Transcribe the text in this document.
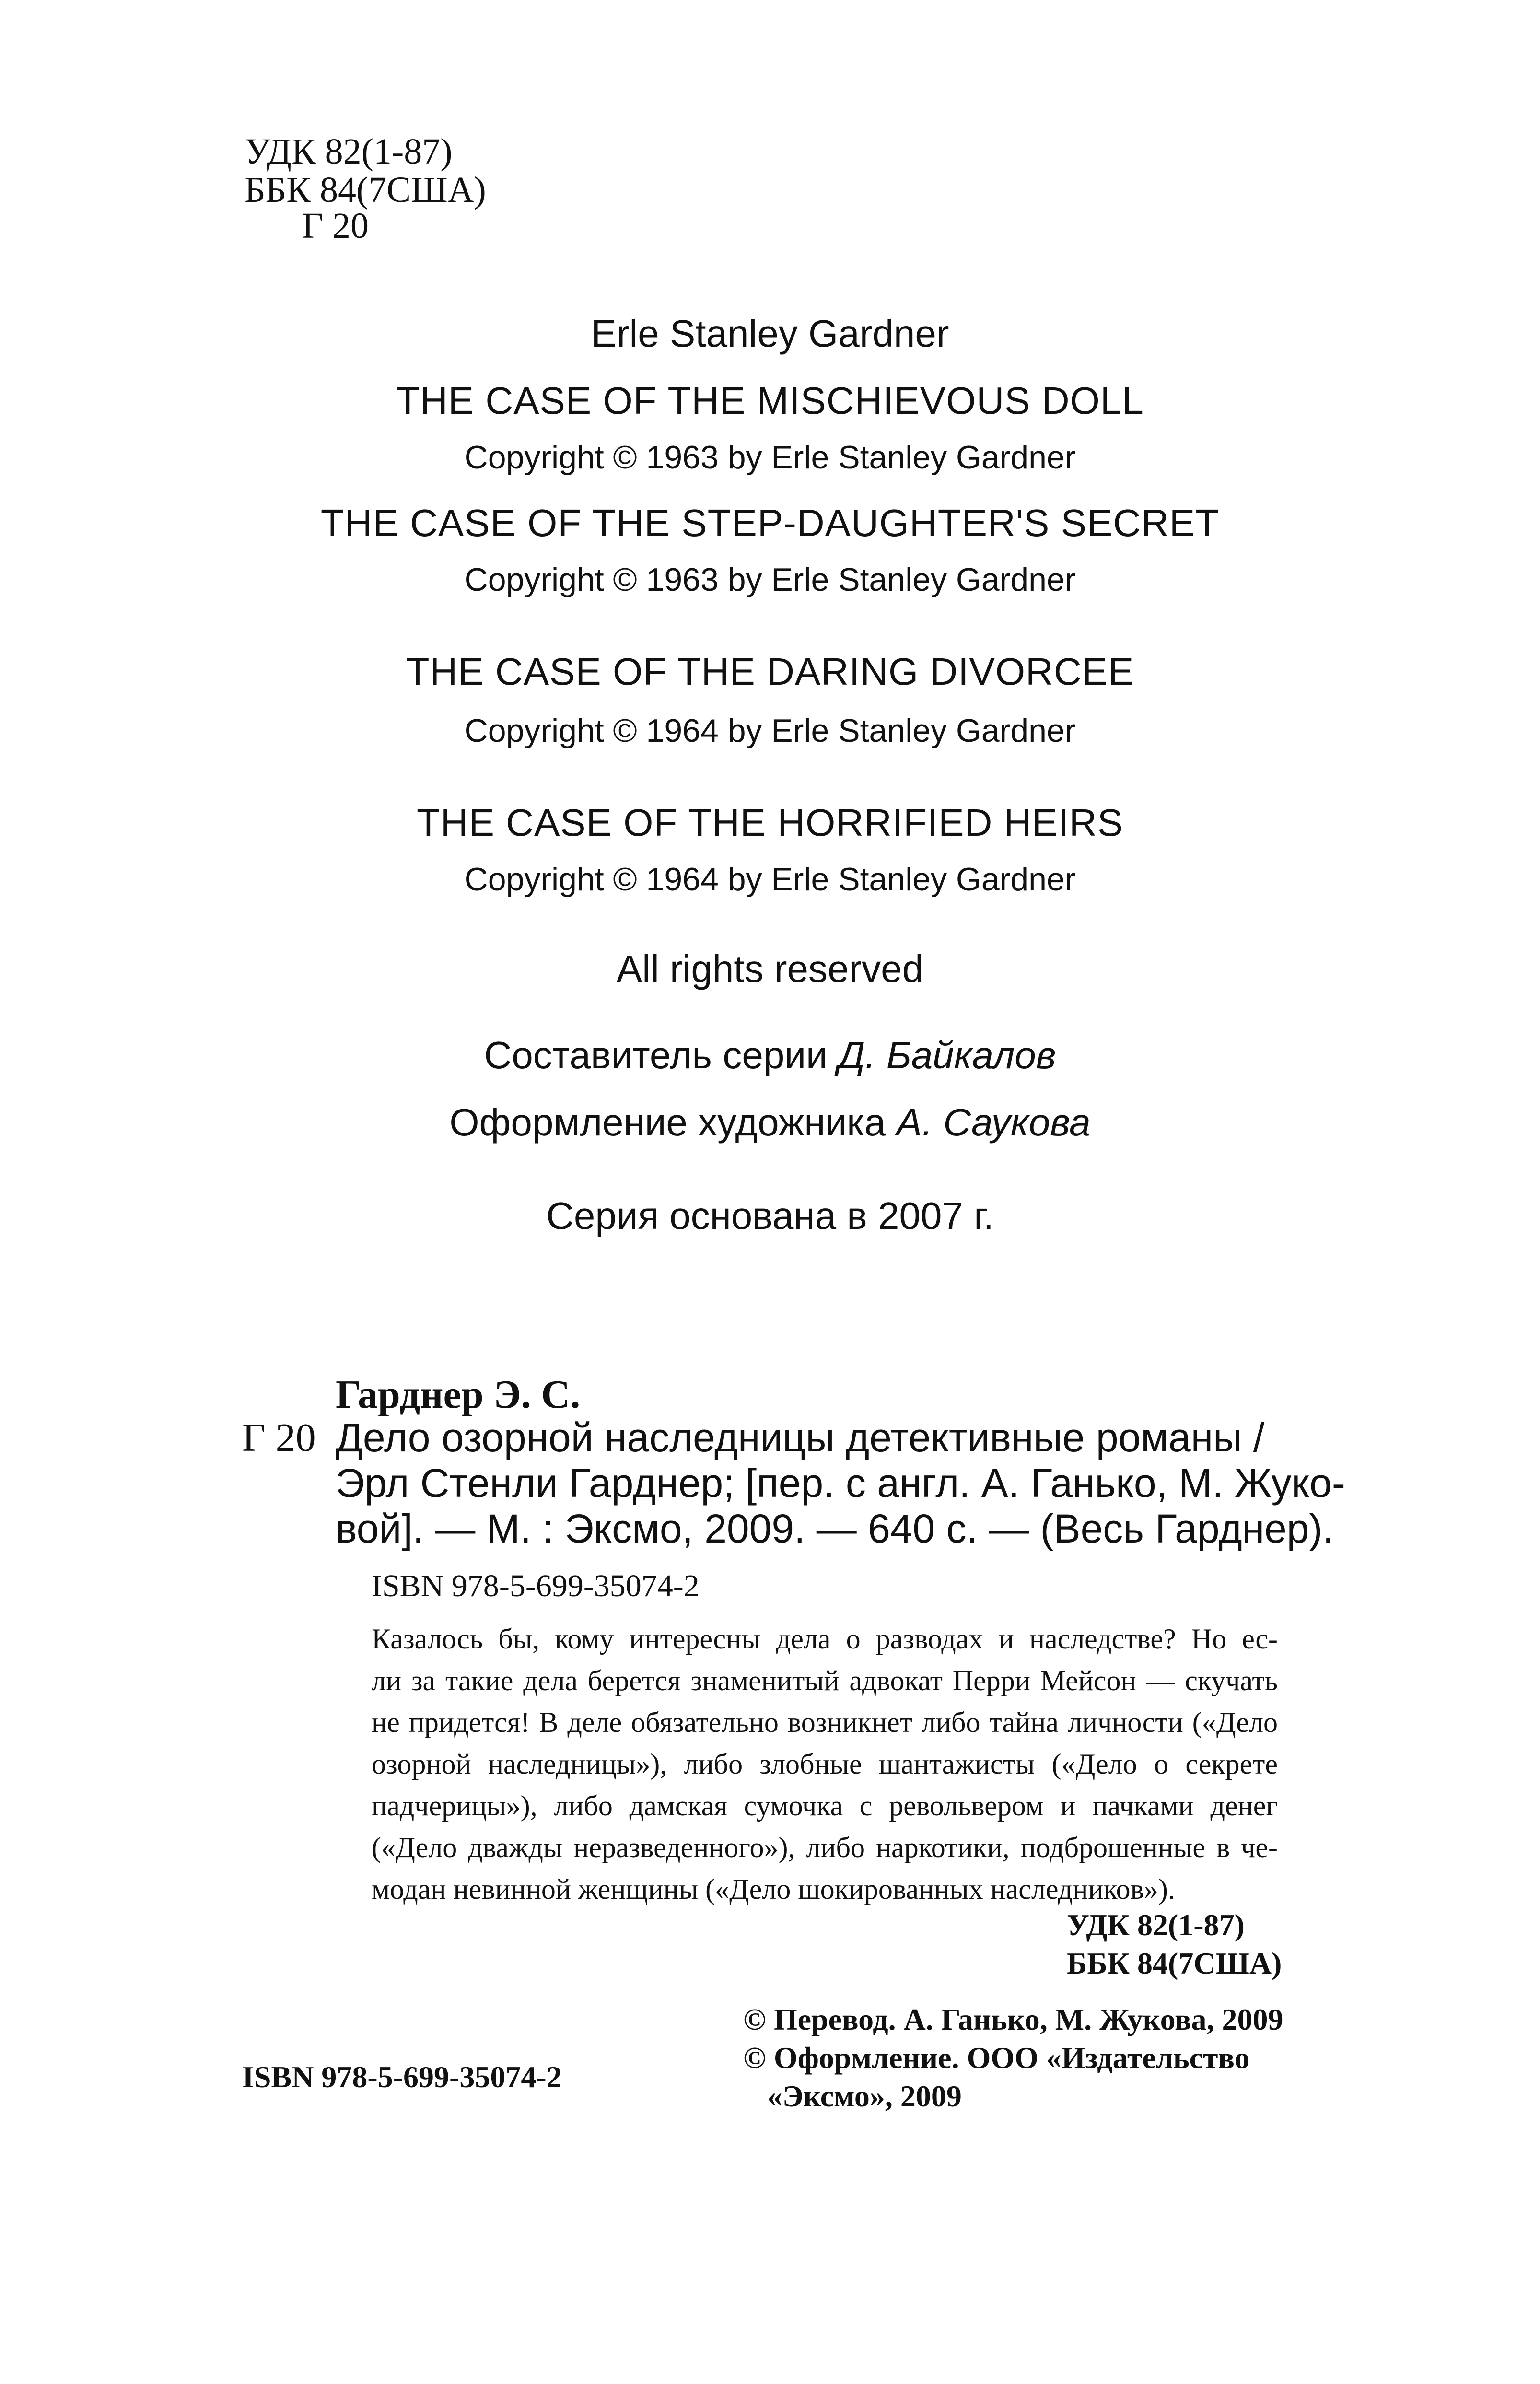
УДК 82(1-87)
ББК 84(7США)
Г 20
Erle Stanley Gardner
THE CASE OF THE MISCHIEVOUS DOLL
Copyright © 1963 by Erle Stanley Gardner
THE CASE OF THE STEP-DAUGHTER'S SECRET
Copyright © 1963 by Erle Stanley Gardner
THE CASE OF THE DARING DIVORCEE
Copyright © 1964 by Erle Stanley Gardner
THE CASE OF THE HORRIFIED HEIRS
Copyright © 1964 by Erle Stanley Gardner
All rights reserved
Составитель серии Д. Байкалов
Оформление художника А. Саукова
Серия основана в 2007 г.
Гарднер Э. С.
Г 20 Дело озорной наследницы детективные романы /
Эрл Стенли Гарднер; [пер. с англ. А. Ганько, М. Жуко-
вой]. — М. : Эксмо, 2009. — 640 с. — (Весь Гарднер).
ISBN 978-5-699-35074-2
Казалось бы, кому интересны дела о разводах и наследстве? Но ес-
ли за такие дела берется знаменитый адвокат Перри Мейсон — скучать
не придется! В деле обязательно возникнет либо тайна личности («Дело
озорной наследницы»), либо злобные шантажисты («Дело о секрете
падчерицы»), либо дамская сумочка с револьвером и пачками денег
(«Дело дважды неразведенного»), либо наркотики, подброшенные в че-
модан невинной женщины («Дело шокированных наследников»).
УДК 82(1-87)
ББК 84(7США)
ISBN 978-5-699-35074-2
© Перевод. А. Ганько, М. Жукова, 2009
© Оформление. ООО «Издательство
«Эксмо», 2009
